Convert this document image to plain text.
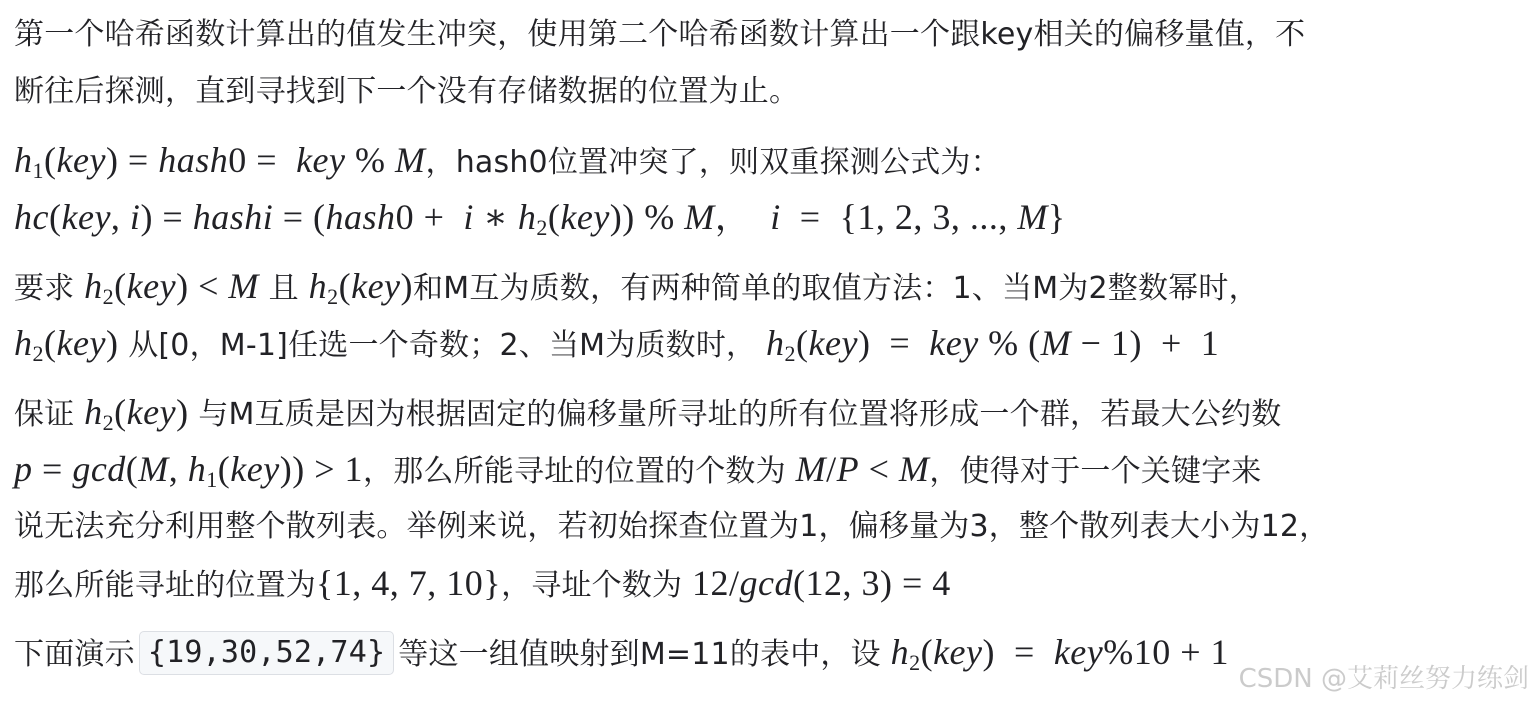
第一个哈希函数计算出的值发生冲突，使用第二个哈希函数计算出一个跟key相关的偏移量值，不
断往后探测，直到寻找到下一个没有存储数据的位置为止。
$h_1(key)$ = hash0 =  key % M，hash0位置冲突了，则双重探测公式为：
hc(key, i) = hashi = (hash0 +  i ∗ $h_2(key)$) % M，  i  =  {1, 2, 3, ..., M}
要求 $h_2(key) < M$ 且 $h_2(key)$和M互为质数，有两种简单的取值方法：1、当M为2整数幂时，
$h_2(key)$ 从[0，M-1]任选一个奇数；2、当M为质数时， $h_2(key)$  =  key % (M − 1)  +  1
保证 $h_2(key)$ 与M互质是因为根据固定的偏移量所寻址的所有位置将形成一个群，若最大公约数
p = gcd(M, $h_1(key)) > 1$，那么所能寻址的位置的个数为 M/P < M，使得对于一个关键字来
说无法充分利用整个散列表。举例来说，若初始探查位置为1，偏移量为3，整个散列表大小为12，
那么所能寻址的位置为{1, 4, 7, 10}，寻址个数为 12/gcd(12, 3) = 4
下面演示 {19,30,52,74} 等这一组值映射到M=11的表中，设 $h_2(key) = key\%10 + 1$
CSDN @艾莉丝努力练剑
